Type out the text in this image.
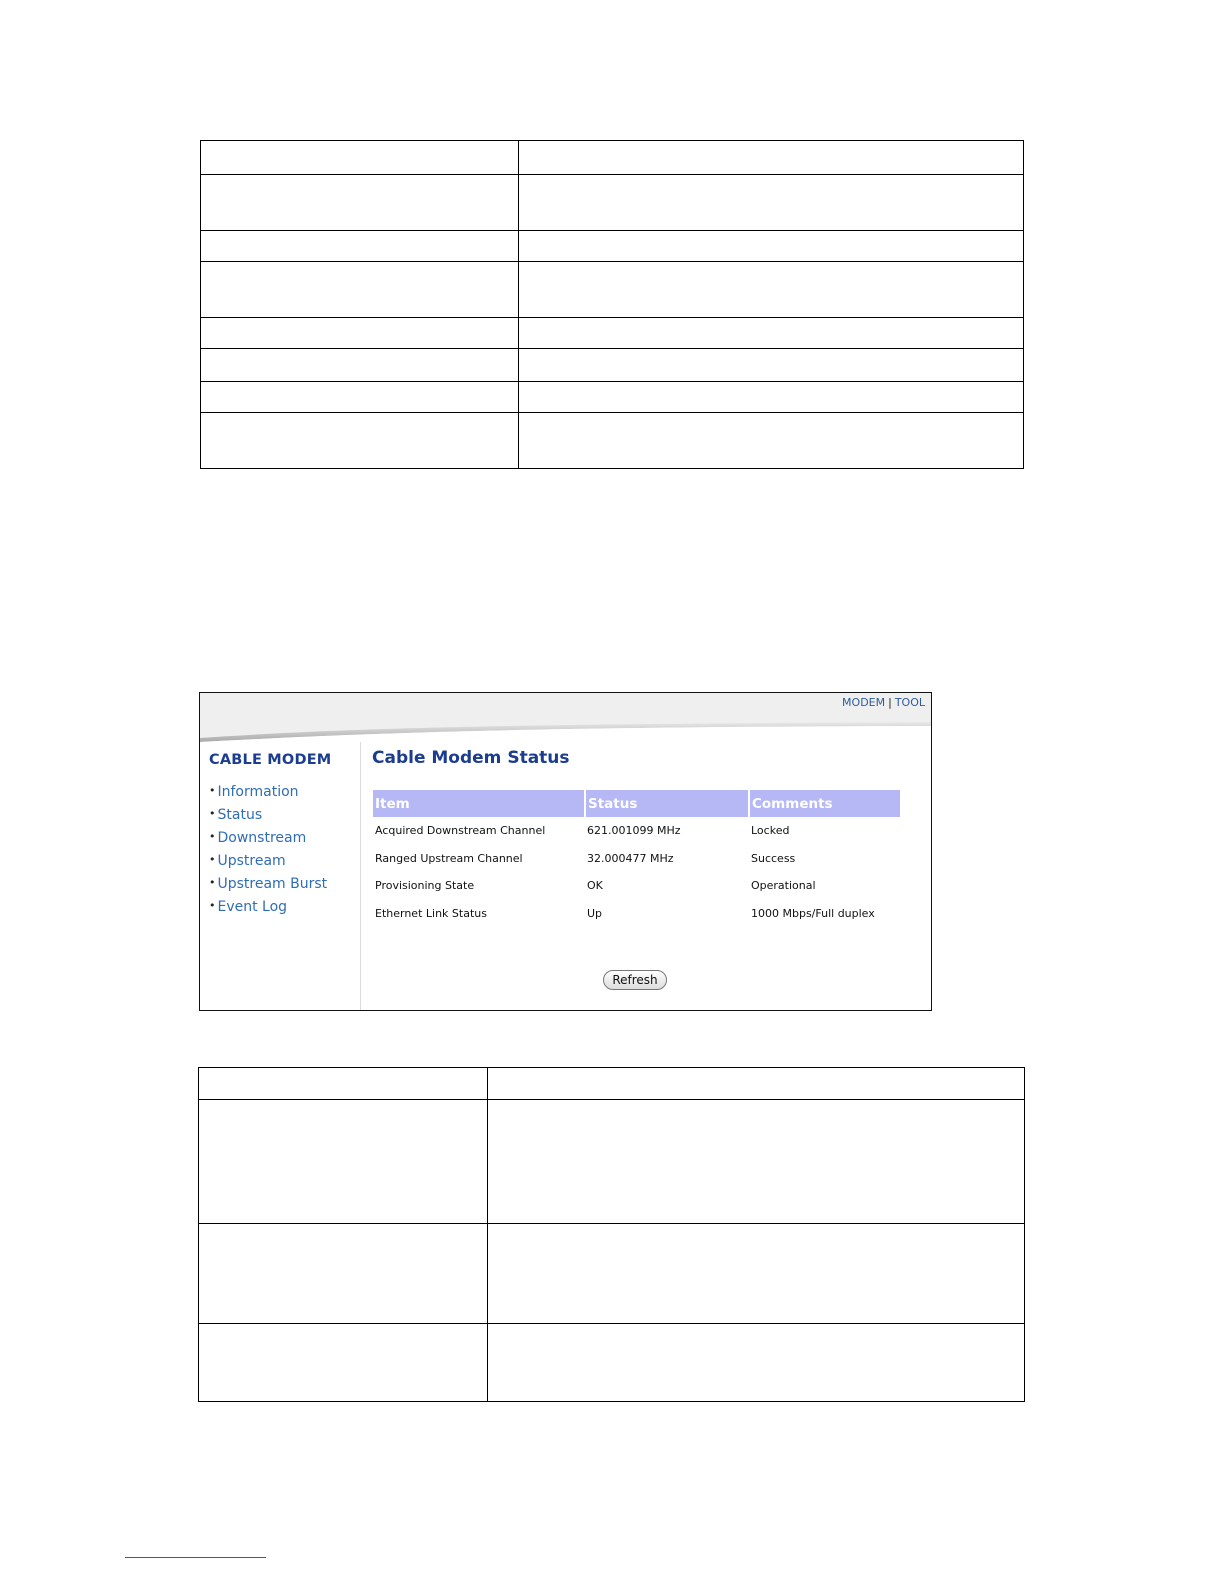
MODEM | TOOL
CABLE MODEM
• Information
• Status
• Downstream
• Upstream
• Upstream Burst
• Event Log
Cable Modem Status
Item	Status	Comments
Acquired Downstream Channel	621.001099 MHz	Locked
Ranged Upstream Channel	32.000477 MHz	Success
Provisioning State	OK	Operational
Ethernet Link Status	Up	1000 Mbps/Full duplex
Refresh
